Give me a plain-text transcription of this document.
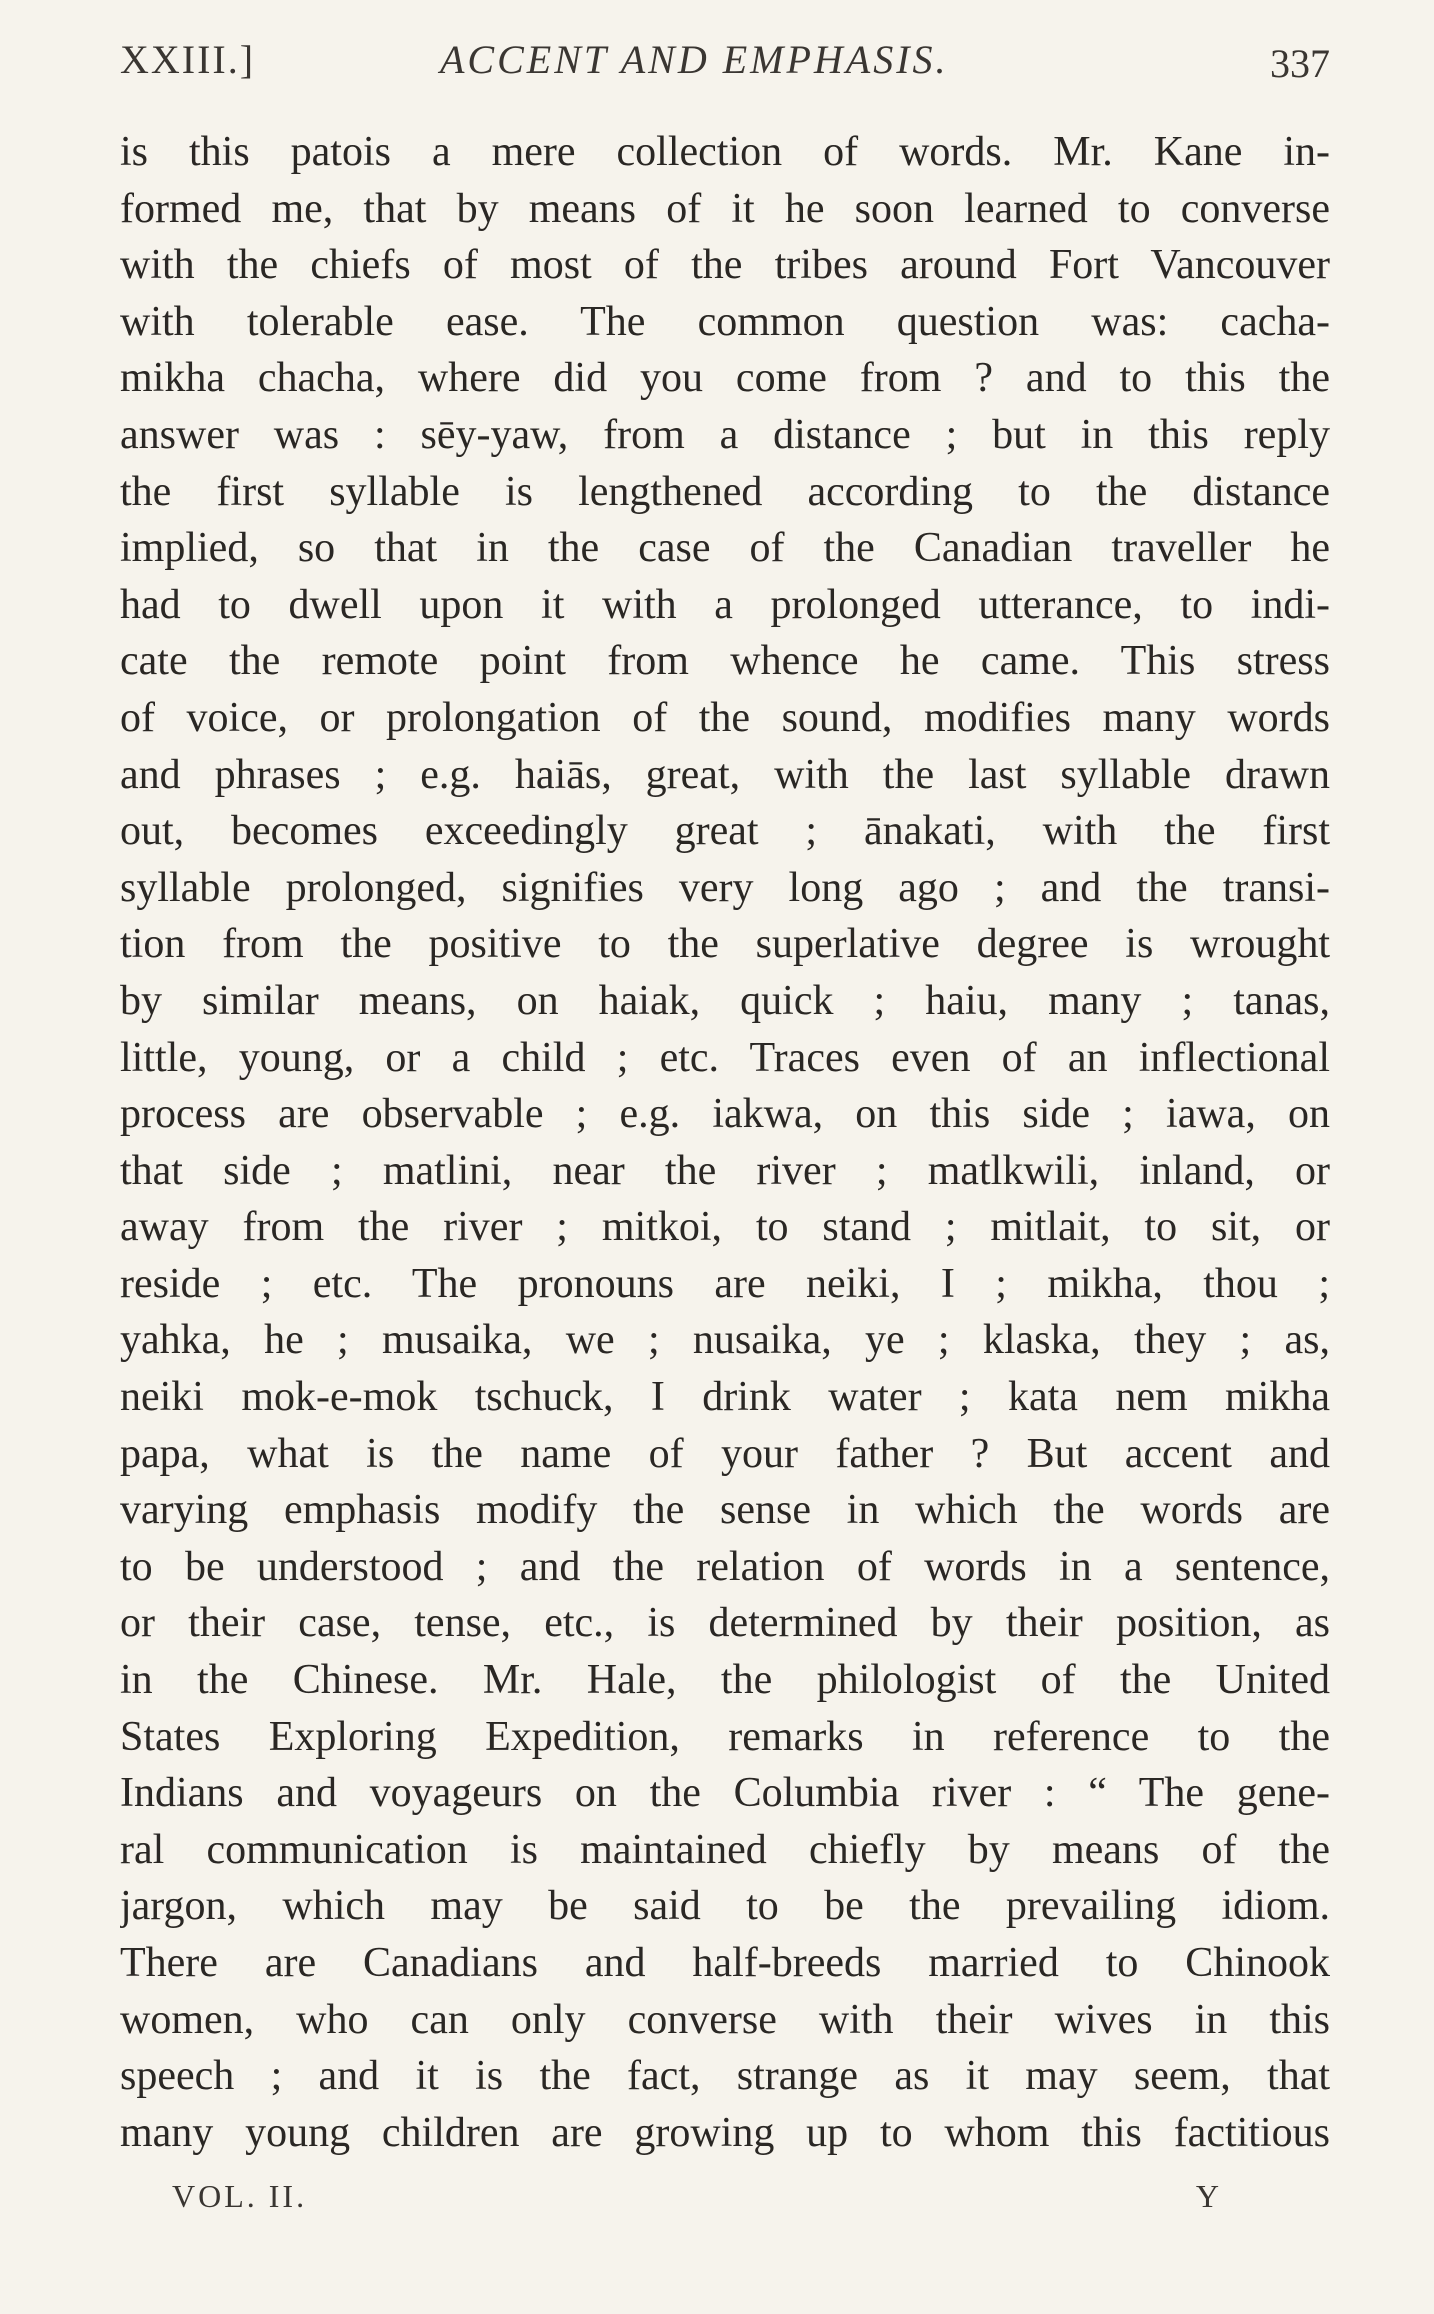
XXIII.]	ACCENT AND EMPHASIS.	337
is this patois a mere collection of words. Mr. Kane in-
formed me, that by means of it he soon learned to converse
with the chiefs of most of the tribes around Fort Vancouver
with tolerable ease. The common question was: cacha-
mikha chacha, where did you come from ? and to this the
answer was : sēy-yaw, from a distance ; but in this reply
the first syllable is lengthened according to the distance
implied, so that in the case of the Canadian traveller he
had to dwell upon it with a prolonged utterance, to indi-
cate the remote point from whence he came. This stress
of voice, or prolongation of the sound, modifies many words
and phrases ; e.g. haiās, great, with the last syllable drawn
out, becomes exceedingly great ; ānakati, with the first
syllable prolonged, signifies very long ago ; and the transi-
tion from the positive to the superlative degree is wrought
by similar means, on haiak, quick ; haiu, many ; tanas,
little, young, or a child ; etc. Traces even of an inflectional
process are observable ; e.g. iakwa, on this side ; iawa, on
that side ; matlini, near the river ; matlkwili, inland, or
away from the river ; mitkoi, to stand ; mitlait, to sit, or
reside ; etc. The pronouns are neiki, I ; mikha, thou ;
yahka, he ; musaika, we ; nusaika, ye ; klaska, they ; as,
neiki mok-e-mok tschuck, I drink water ; kata nem mikha
papa, what is the name of your father ? But accent and
varying emphasis modify the sense in which the words are
to be understood ; and the relation of words in a sentence,
or their case, tense, etc., is determined by their position, as
in the Chinese. Mr. Hale, the philologist of the United
States Exploring Expedition, remarks in reference to the
Indians and voyageurs on the Columbia river : “ The gene-
ral communication is maintained chiefly by means of the
jargon, which may be said to be the prevailing idiom.
There are Canadians and half-breeds married to Chinook
women, who can only converse with their wives in this
speech ; and it is the fact, strange as it may seem, that
many young children are growing up to whom this factitious
VOL. II.	Y
